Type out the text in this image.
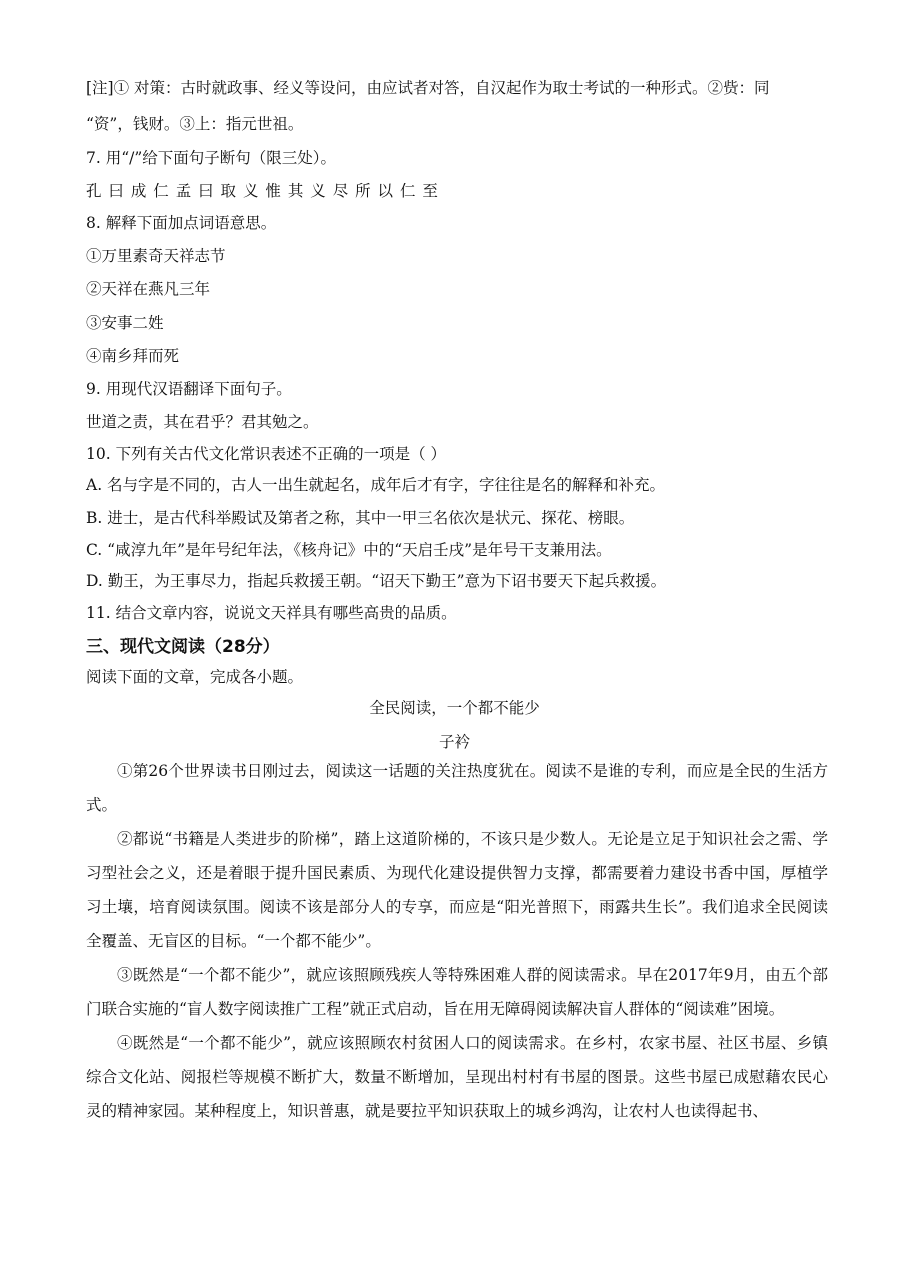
[注]① 对策：古时就政事、经义等设问，由应试者对答，自汉起作为取士考试的一种形式。②赀：同
“资”，钱财。③上：指元世祖。
7. 用“/”给下面句子断句（限三处）。
孔 曰 成 仁 孟 曰 取 义 惟 其 义 尽 所 以 仁 至
8. 解释下面加点词语意思。
①万里素奇天祥志节
②天祥在燕凡三年
③安事二姓
④南乡拜而死
9. 用现代汉语翻译下面句子。
世道之责，其在君乎？君其勉之。
10. 下列有关古代文化常识表述不正确的一项是（ ）
A. 名与字是不同的，古人一出生就起名，成年后才有字，字往往是名的解释和补充。
B. 进士，是古代科举殿试及第者之称，其中一甲三名依次是状元、探花、榜眼。
C. “咸淳九年”是年号纪年法，《核舟记》中的“天启壬戌”是年号干支兼用法。
D. 勤王，为王事尽力，指起兵救援王朝。“诏天下勤王”意为下诏书要天下起兵救援。
11. 结合文章内容，说说文天祥具有哪些高贵的品质。
三、现代文阅读（28分）
阅读下面的文章，完成各小题。
全民阅读，一个都不能少
子衿

①第26个世界读书日刚过去，阅读这一话题的关注热度犹在。阅读不是谁的专利，而应是全民的生活方式。

②都说“书籍是人类进步的阶梯”，踏上这道阶梯的，不该只是少数人。无论是立足于知识社会之需、学习型社会之义，还是着眼于提升国民素质、为现代化建设提供智力支撑，都需要着力建设书香中国，厚植学习土壤，培育阅读氛围。阅读不该是部分人的专享，而应是“阳光普照下，雨露共生长”。我们追求全民阅读全覆盖、无盲区的目标。“一个都不能少”。

③既然是“一个都不能少”，就应该照顾残疾人等特殊困难人群的阅读需求。早在2017年9月，由五个部门联合实施的“盲人数字阅读推广工程”就正式启动，旨在用无障碍阅读解决盲人群体的“阅读难”困境。

④既然是“一个都不能少”，就应该照顾农村贫困人口的阅读需求。在乡村，农家书屋、社区书屋、乡镇综合文化站、阅报栏等规模不断扩大，数量不断增加，呈现出村村有书屋的图景。这些书屋已成慰藉农民心灵的精神家园。某种程度上，知识普惠，就是要拉平知识获取上的城乡鸿沟，让农村人也读得起书、
